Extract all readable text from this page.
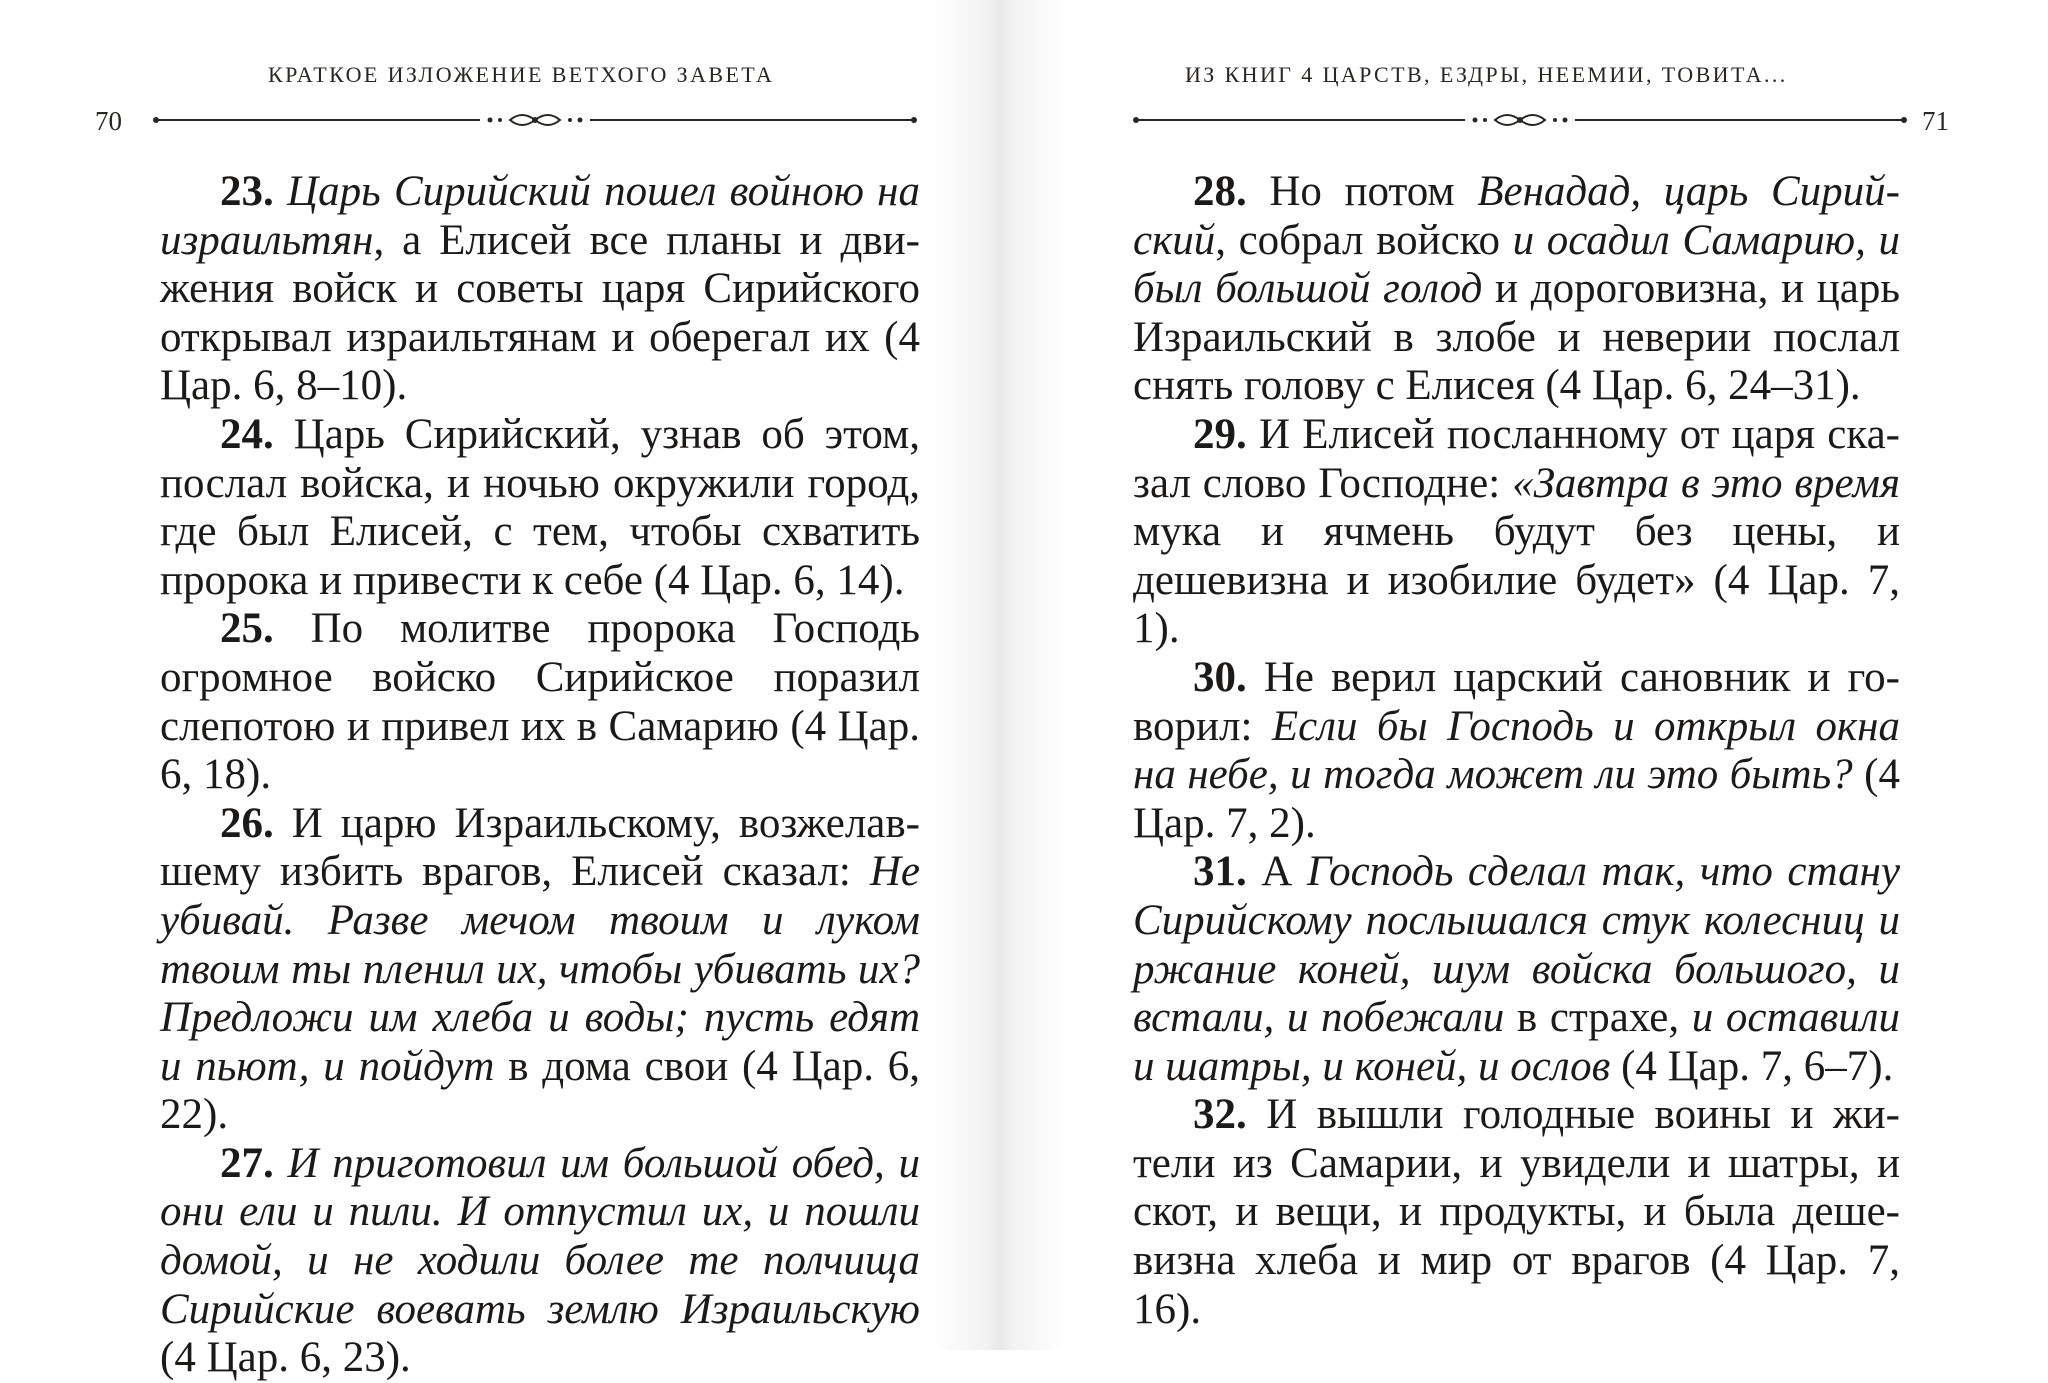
КРАТКОЕ ИЗЛОЖЕНИЕ ВЕТХОГО ЗАВЕТА
70

23. Царь Сирийский пошел войною на израильтян, а Елисей все планы и движения войск и советы царя Сирийского открывал израильтянам и оберегал их (4 Цар. 6, 8–10).

24. Царь Сирийский, узнав об этом, послал войска, и ночью окружили город, где был Елисей, с тем, чтобы схватить пророка и привести к себе (4 Цар. 6, 14).

25. По молитве пророка Господь огромное войско Сирийское поразил слепотою и привел их в Самарию (4 Цар. 6, 18).

26. И царю Израильскому, возжелавшему избить врагов, Елисей сказал: Не убивай. Разве мечом твоим и луком твоим ты пленил их, чтобы убивать их? Предложи им хлеба и воды; пусть едят и пьют, и пойдут в дома свои (4 Цар. 6, 22).

27. И приготовил им большой обед, и они ели и пили. И отпустил их, и пошли домой, и не ходили более те полчища Сирийские воевать землю Израильскую (4 Цар. 6, 23).

ИЗ КНИГ 4 ЦАРСТВ, ЕЗДРЫ, НЕЕМИИ, ТОВИТА...
71

28. Но потом Венадад, царь Сирийский, собрал войско и осадил Самарию, и был большой голод и дороговизна, и царь Израильский в злобе и неверии послал снять голову с Елисея (4 Цар. 6, 24–31).

29. И Елисей посланному от царя сказал слово Господне: «Завтра в это время мука и ячмень будут без цены, и дешевизна и изобилие будет» (4 Цар. 7, 1).

30. Не верил царский сановник и говорил: Если бы Господь и открыл окна на небе, и тогда может ли это быть? (4 Цар. 7, 2).

31. А Господь сделал так, что стану Сирийскому послышался стук колесниц и ржание коней, шум войска большого, и встали, и побежали в страхе, и оставили и шатры, и коней, и ослов (4 Цар. 7, 6–7).

32. И вышли голодные воины и жители из Самарии, и увидели и шатры, и скот, и вещи, и продукты, и была дешевизна хлеба и мир от врагов (4 Цар. 7, 16).
